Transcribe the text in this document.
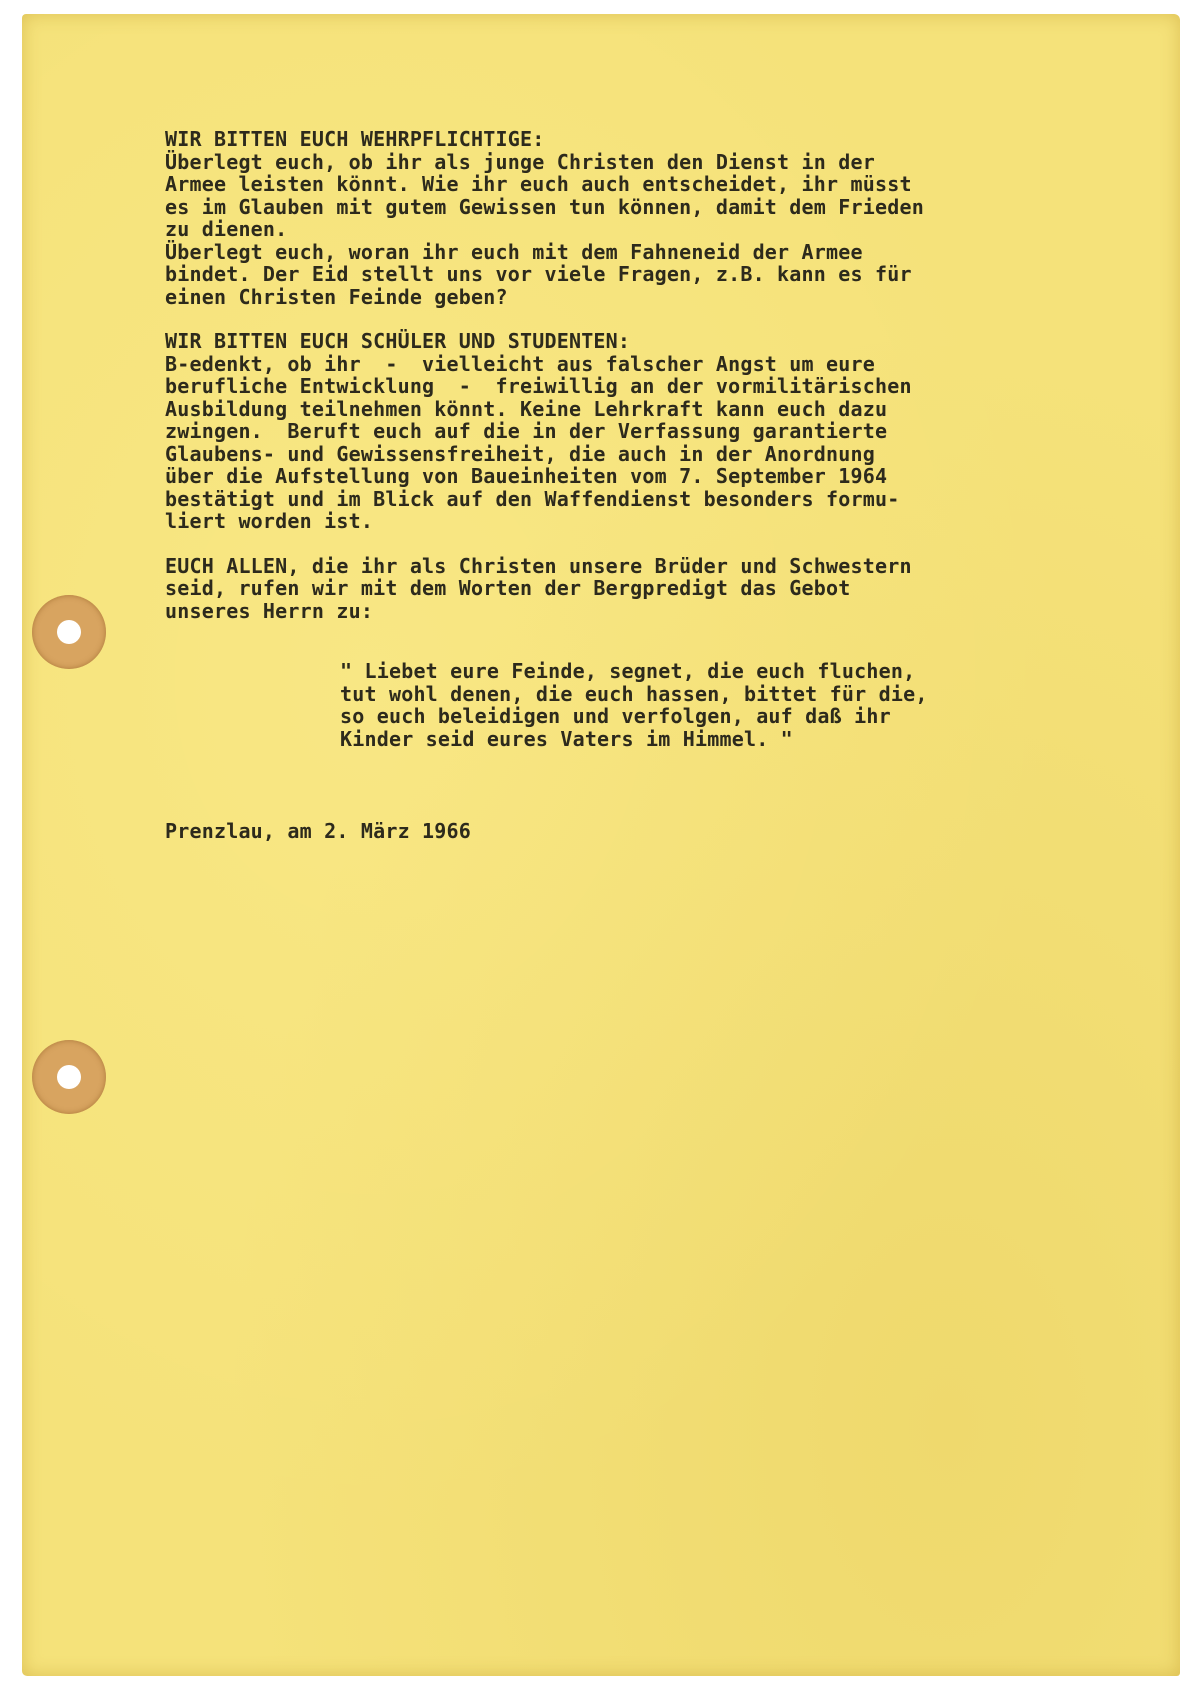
WIR BITTEN EUCH WEHRPFLICHTIGE:
Überlegt euch, ob ihr als junge Christen den Dienst in der
Armee leisten könnt. Wie ihr euch auch entscheidet, ihr müsst
es im Glauben mit gutem Gewissen tun können, damit dem Frieden
zu dienen.
Überlegt euch, woran ihr euch mit dem Fahneneid der Armee
bindet. Der Eid stellt uns vor viele Fragen, z.B. kann es für
einen Christen Feinde geben?
WIR BITTEN EUCH SCHÜLER UND STUDENTEN:
B-edenkt, ob ihr  -  vielleicht aus falscher Angst um eure
berufliche Entwicklung  -  freiwillig an der vormilitärischen
Ausbildung teilnehmen könnt. Keine Lehrkraft kann euch dazu
zwingen.  Beruft euch auf die in der Verfassung garantierte
Glaubens- und Gewissensfreiheit, die auch in der Anordnung
über die Aufstellung von Baueinheiten vom 7. September 1964
bestätigt und im Blick auf den Waffendienst besonders formu-
liert worden ist.
EUCH ALLEN, die ihr als Christen unsere Brüder und Schwestern
seid, rufen wir mit dem Worten der Bergpredigt das Gebot
unseres Herrn zu:
" Liebet eure Feinde, segnet, die euch fluchen,
tut wohl denen, die euch hassen, bittet für die,
so euch beleidigen und verfolgen, auf daß ihr
Kinder seid eures Vaters im Himmel. "
Prenzlau, am 2. März 1966
